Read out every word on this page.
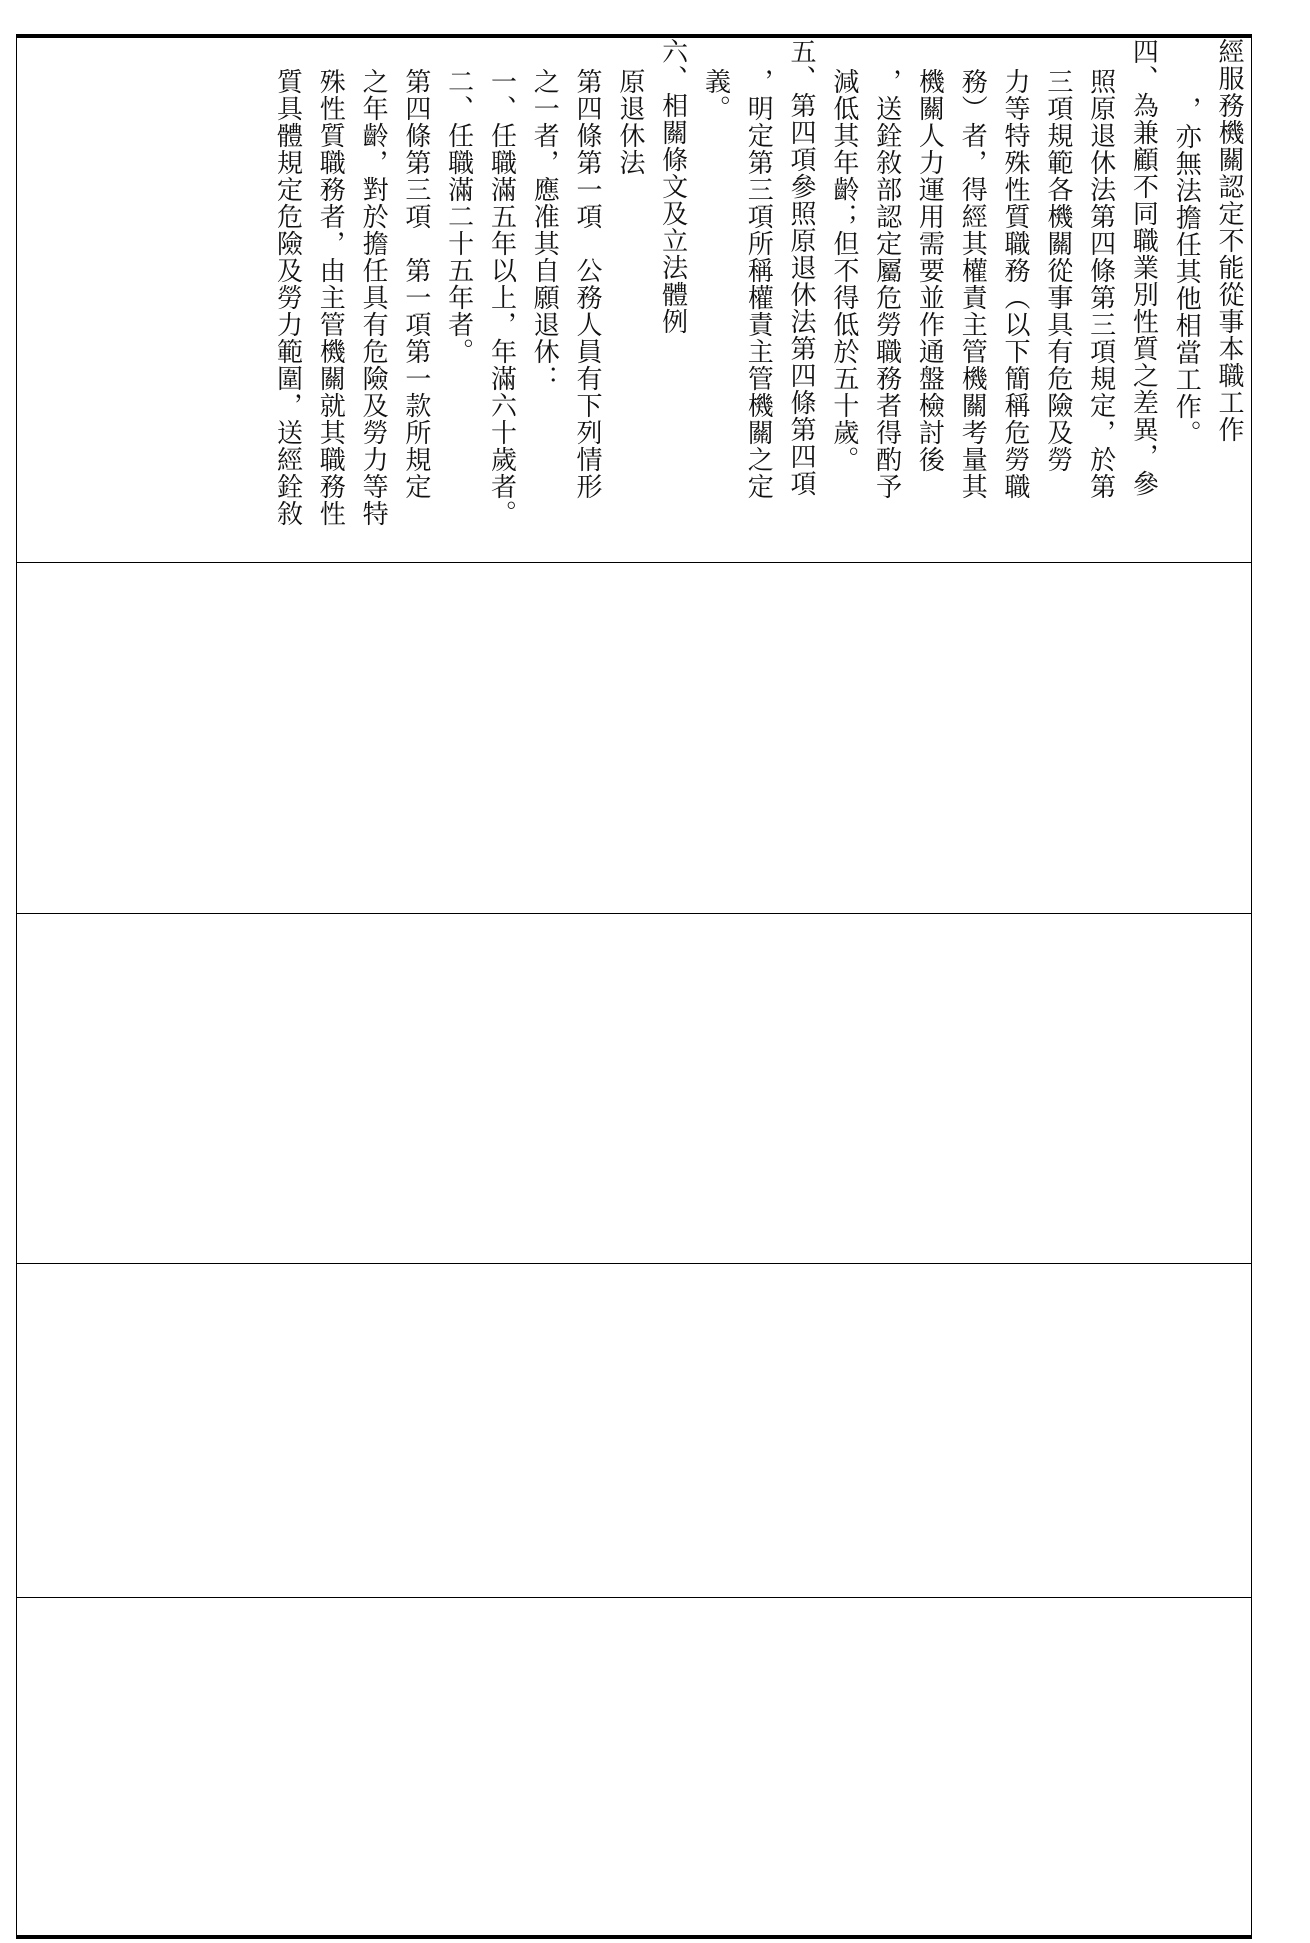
經服務機關認定不能從事本職工作
，亦無法擔任其他相當工作。
四、為兼顧不同職業別性質之差異，參
照原退休法第四條第三項規定，於第
三項規範各機關從事具有危險及勞
力等特殊性質職務（以下簡稱危勞職
務）者，得經其權責主管機關考量其
機關人力運用需要並作通盤檢討後
，送銓敘部認定屬危勞職務者得酌予
減低其年齡；但不得低於五十歲。
五、第四項參照原退休法第四條第四項
，明定第三項所稱權責主管機關之定
義。
六、相關條文及立法體例
原退休法
第四條第一項　公務人員有下列情形
之一者，應准其自願退休：
一、任職滿五年以上，年滿六十歲者。
二、任職滿二十五年者。
第四條第三項　第一項第一款所規定
之年齡，對於擔任具有危險及勞力等特
殊性質職務者，由主管機關就其職務性
質具體規定危險及勞力範圍，送經銓敘
